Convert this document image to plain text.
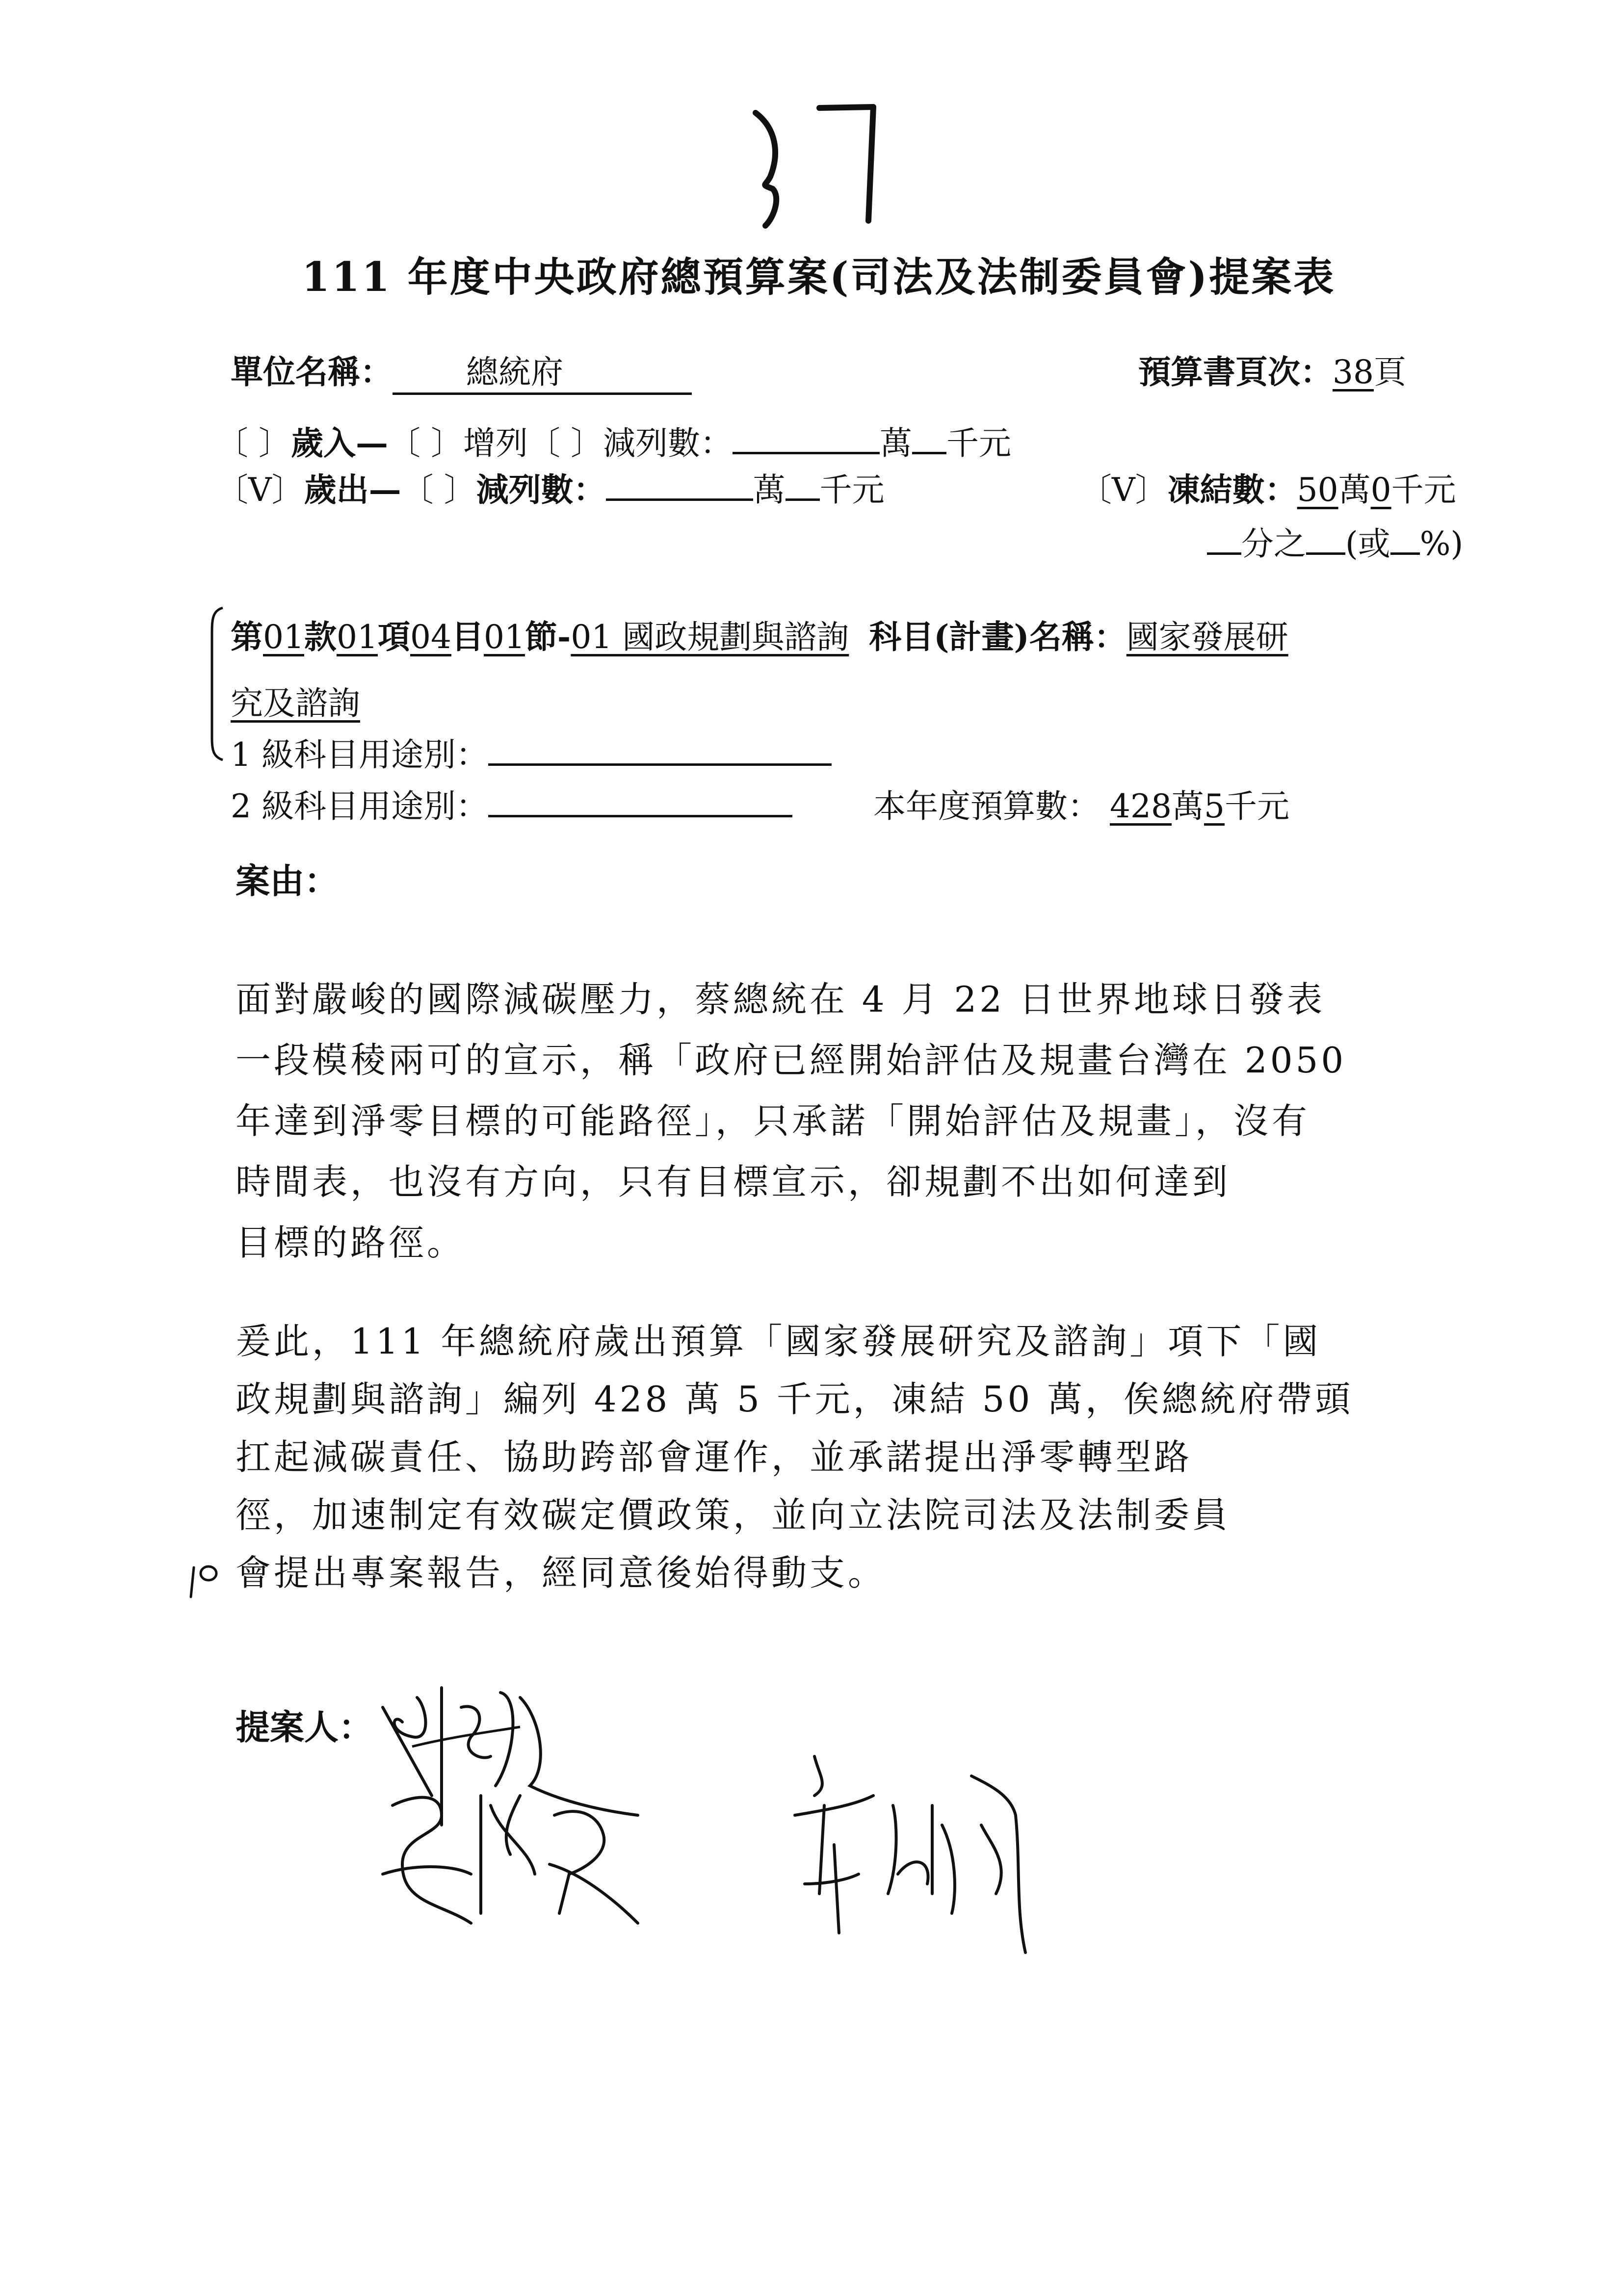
111 年度中央政府總預算案(司法及法制委員會)提案表
單位名稱： 總統府	預算書頁次：38頁
〔 〕歲入—〔 〕增列〔 〕減列數：	萬 千元
〔V〕歲出—〔 〕減列數：	萬 千元	〔V〕凍結數：50萬0千元
分之 (或 %)
第01款01項04目01節-01 國政規劃與諮詢 科目(計畫)名稱：國家發展研
究及諮詢
1 級科目用途別：
2 級科目用途別：	本年度預算數： 428萬5千元
案由：
面對嚴峻的國際減碳壓力，蔡總統在 4 月 22 日世界地球日發表
一段模稜兩可的宣示，稱「政府已經開始評估及規畫台灣在 2050
年達到淨零目標的可能路徑」，只承諾「開始評估及規畫」，沒有
時間表，也沒有方向，只有目標宣示，卻規劃不出如何達到
目標的路徑。
爰此，111 年總統府歲出預算「國家發展研究及諮詢」項下「國
政規劃與諮詢」編列 428 萬 5 千元，凍結 50 萬，俟總統府帶頭
扛起減碳責任、協助跨部會運作，並承諾提出淨零轉型路
徑，加速制定有效碳定價政策，並向立法院司法及法制委員
會提出專案報告，經同意後始得動支。
提案人：
